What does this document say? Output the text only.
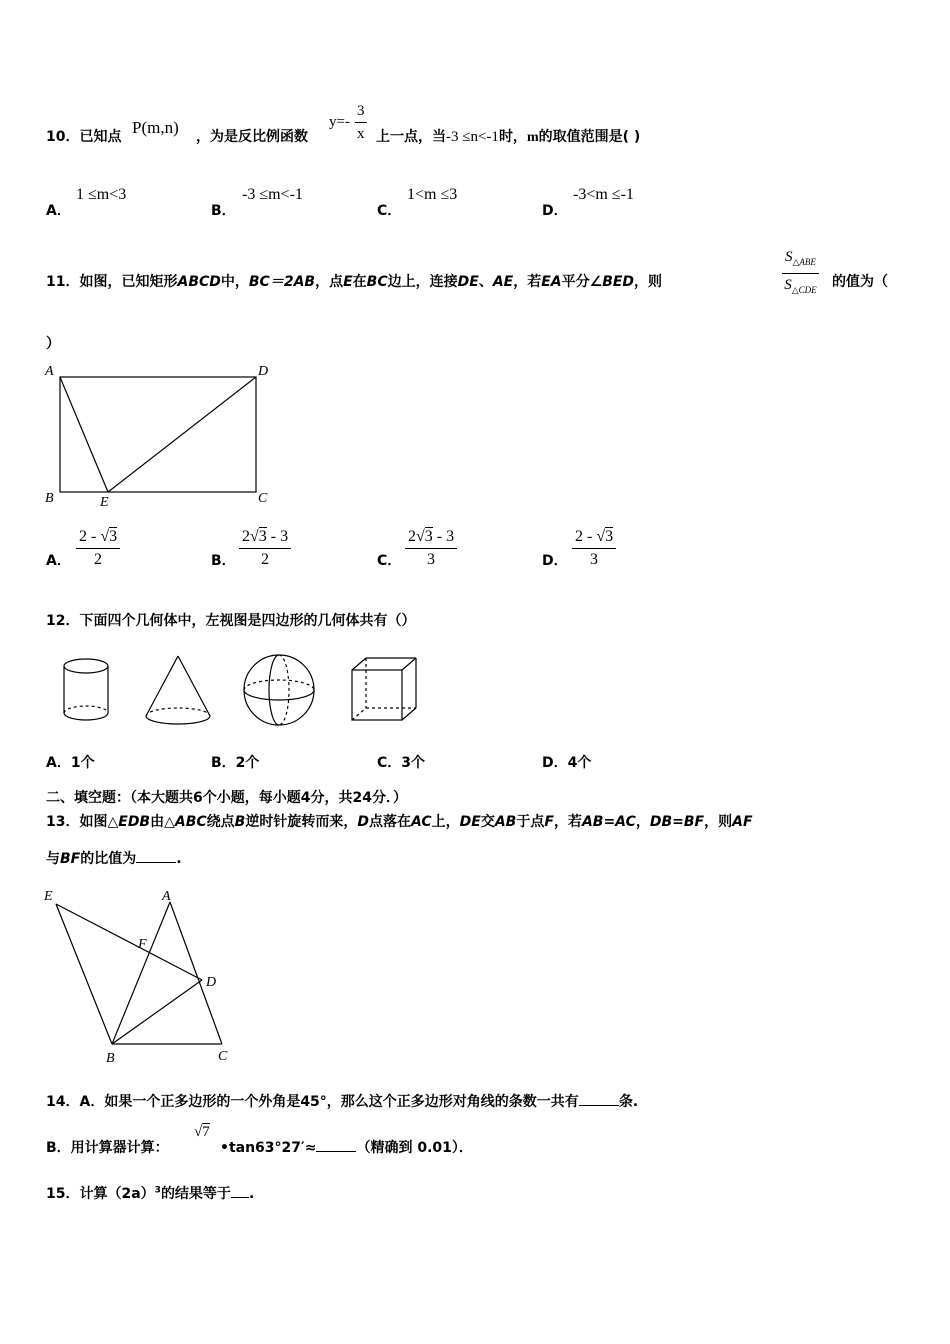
10．已知点 P(m,n) ，为是反比例函数
$y=- \frac{3}{x}$ 上一点，当-3 ≤n<-1时，m的取值范围是( )
A．
1 ≤m<3
B．
-3 ≤m<-1
C．
1<m ≤3
D．
-3<m ≤-1
11．如图，已知矩形ABCD中，BC＝2AB，点E在BC边上，连接DE、AE，若EA平分∠BED，则	$\frac{S_{\triangle ABE}}{S_{\triangle CDE}}$ 的值为（
）
A	D
B	C
E
A． $\frac{2 - √3}{2}$	B． $\frac{2√3 - 3}{2}$	C． $\frac{2√3 - 3}{3}$	D． $\frac{2 - √3}{3}$
12．下面四个几何体中，左视图是四边形的几何体共有（）
A．1个	B．2个	C．3个	D．4个
二、填空题：（本大题共6个小题，每小题4分，共24分．）
13．如图△EDB由△ABC绕点B逆时针旋转而来，D点落在AC上，DE交AB于点F，若AB=AC，DB=BF，则AF
与BF的比值为	.
E	A
F
D
B	C
14．A．如果一个正多边形的一个外角是45°，那么这个正多边形对角线的条数一共有	条.
B．用计算器计算：
√7
•tan63°27′≈	（精确到 0.01）．
15．计算$(2a)^3$的结果等于 .
